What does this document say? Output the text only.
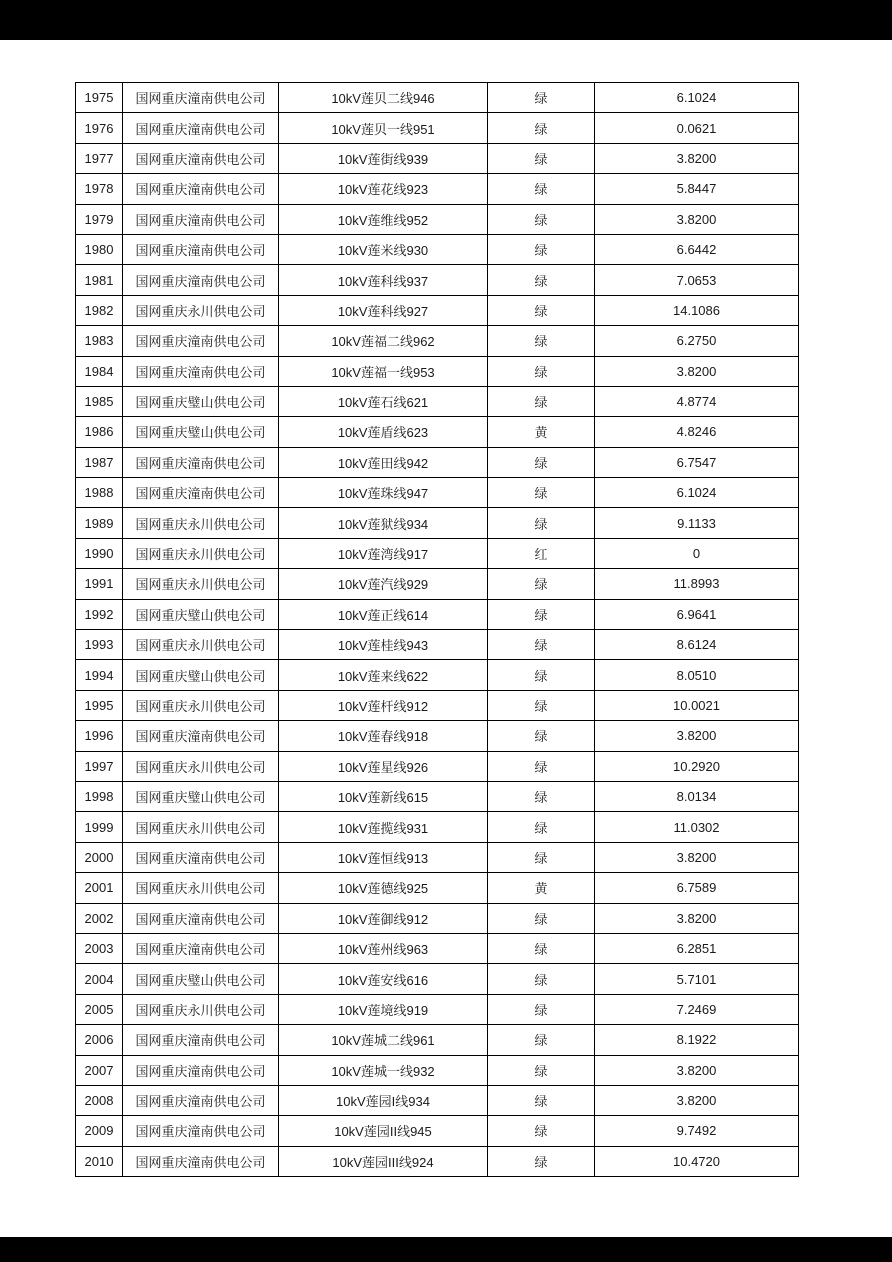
1975	国网重庆潼南供电公司	10kV莲贝二线946	绿	6.1024
1976	国网重庆潼南供电公司	10kV莲贝一线951	绿	0.0621
1977	国网重庆潼南供电公司	10kV莲街线939	绿	3.8200
1978	国网重庆潼南供电公司	10kV莲花线923	绿	5.8447
1979	国网重庆潼南供电公司	10kV莲维线952	绿	3.8200
1980	国网重庆潼南供电公司	10kV莲米线930	绿	6.6442
1981	国网重庆潼南供电公司	10kV莲科线937	绿	7.0653
1982	国网重庆永川供电公司	10kV莲科线927	绿	14.1086
1983	国网重庆潼南供电公司	10kV莲福二线962	绿	6.2750
1984	国网重庆潼南供电公司	10kV莲福一线953	绿	3.8200
1985	国网重庆璧山供电公司	10kV莲石线621	绿	4.8774
1986	国网重庆璧山供电公司	10kV莲盾线623	黄	4.8246
1987	国网重庆潼南供电公司	10kV莲田线942	绿	6.7547
1988	国网重庆潼南供电公司	10kV莲珠线947	绿	6.1024
1989	国网重庆永川供电公司	10kV莲狱线934	绿	9.1133
1990	国网重庆永川供电公司	10kV莲湾线917	红	0
1991	国网重庆永川供电公司	10kV莲汽线929	绿	11.8993
1992	国网重庆璧山供电公司	10kV莲正线614	绿	6.9641
1993	国网重庆永川供电公司	10kV莲桂线943	绿	8.6124
1994	国网重庆璧山供电公司	10kV莲来线622	绿	8.0510
1995	国网重庆永川供电公司	10kV莲杆线912	绿	10.0021
1996	国网重庆潼南供电公司	10kV莲春线918	绿	3.8200
1997	国网重庆永川供电公司	10kV莲星线926	绿	10.2920
1998	国网重庆璧山供电公司	10kV莲新线615	绿	8.0134
1999	国网重庆永川供电公司	10kV莲揽线931	绿	11.0302
2000	国网重庆潼南供电公司	10kV莲恒线913	绿	3.8200
2001	国网重庆永川供电公司	10kV莲德线925	黄	6.7589
2002	国网重庆潼南供电公司	10kV莲御线912	绿	3.8200
2003	国网重庆潼南供电公司	10kV莲州线963	绿	6.2851
2004	国网重庆璧山供电公司	10kV莲安线616	绿	5.7101
2005	国网重庆永川供电公司	10kV莲境线919	绿	7.2469
2006	国网重庆潼南供电公司	10kV莲城二线961	绿	8.1922
2007	国网重庆潼南供电公司	10kV莲城一线932	绿	3.8200
2008	国网重庆潼南供电公司	10kV莲园I线934	绿	3.8200
2009	国网重庆潼南供电公司	10kV莲园II线945	绿	9.7492
2010	国网重庆潼南供电公司	10kV莲园III线924	绿	10.4720
